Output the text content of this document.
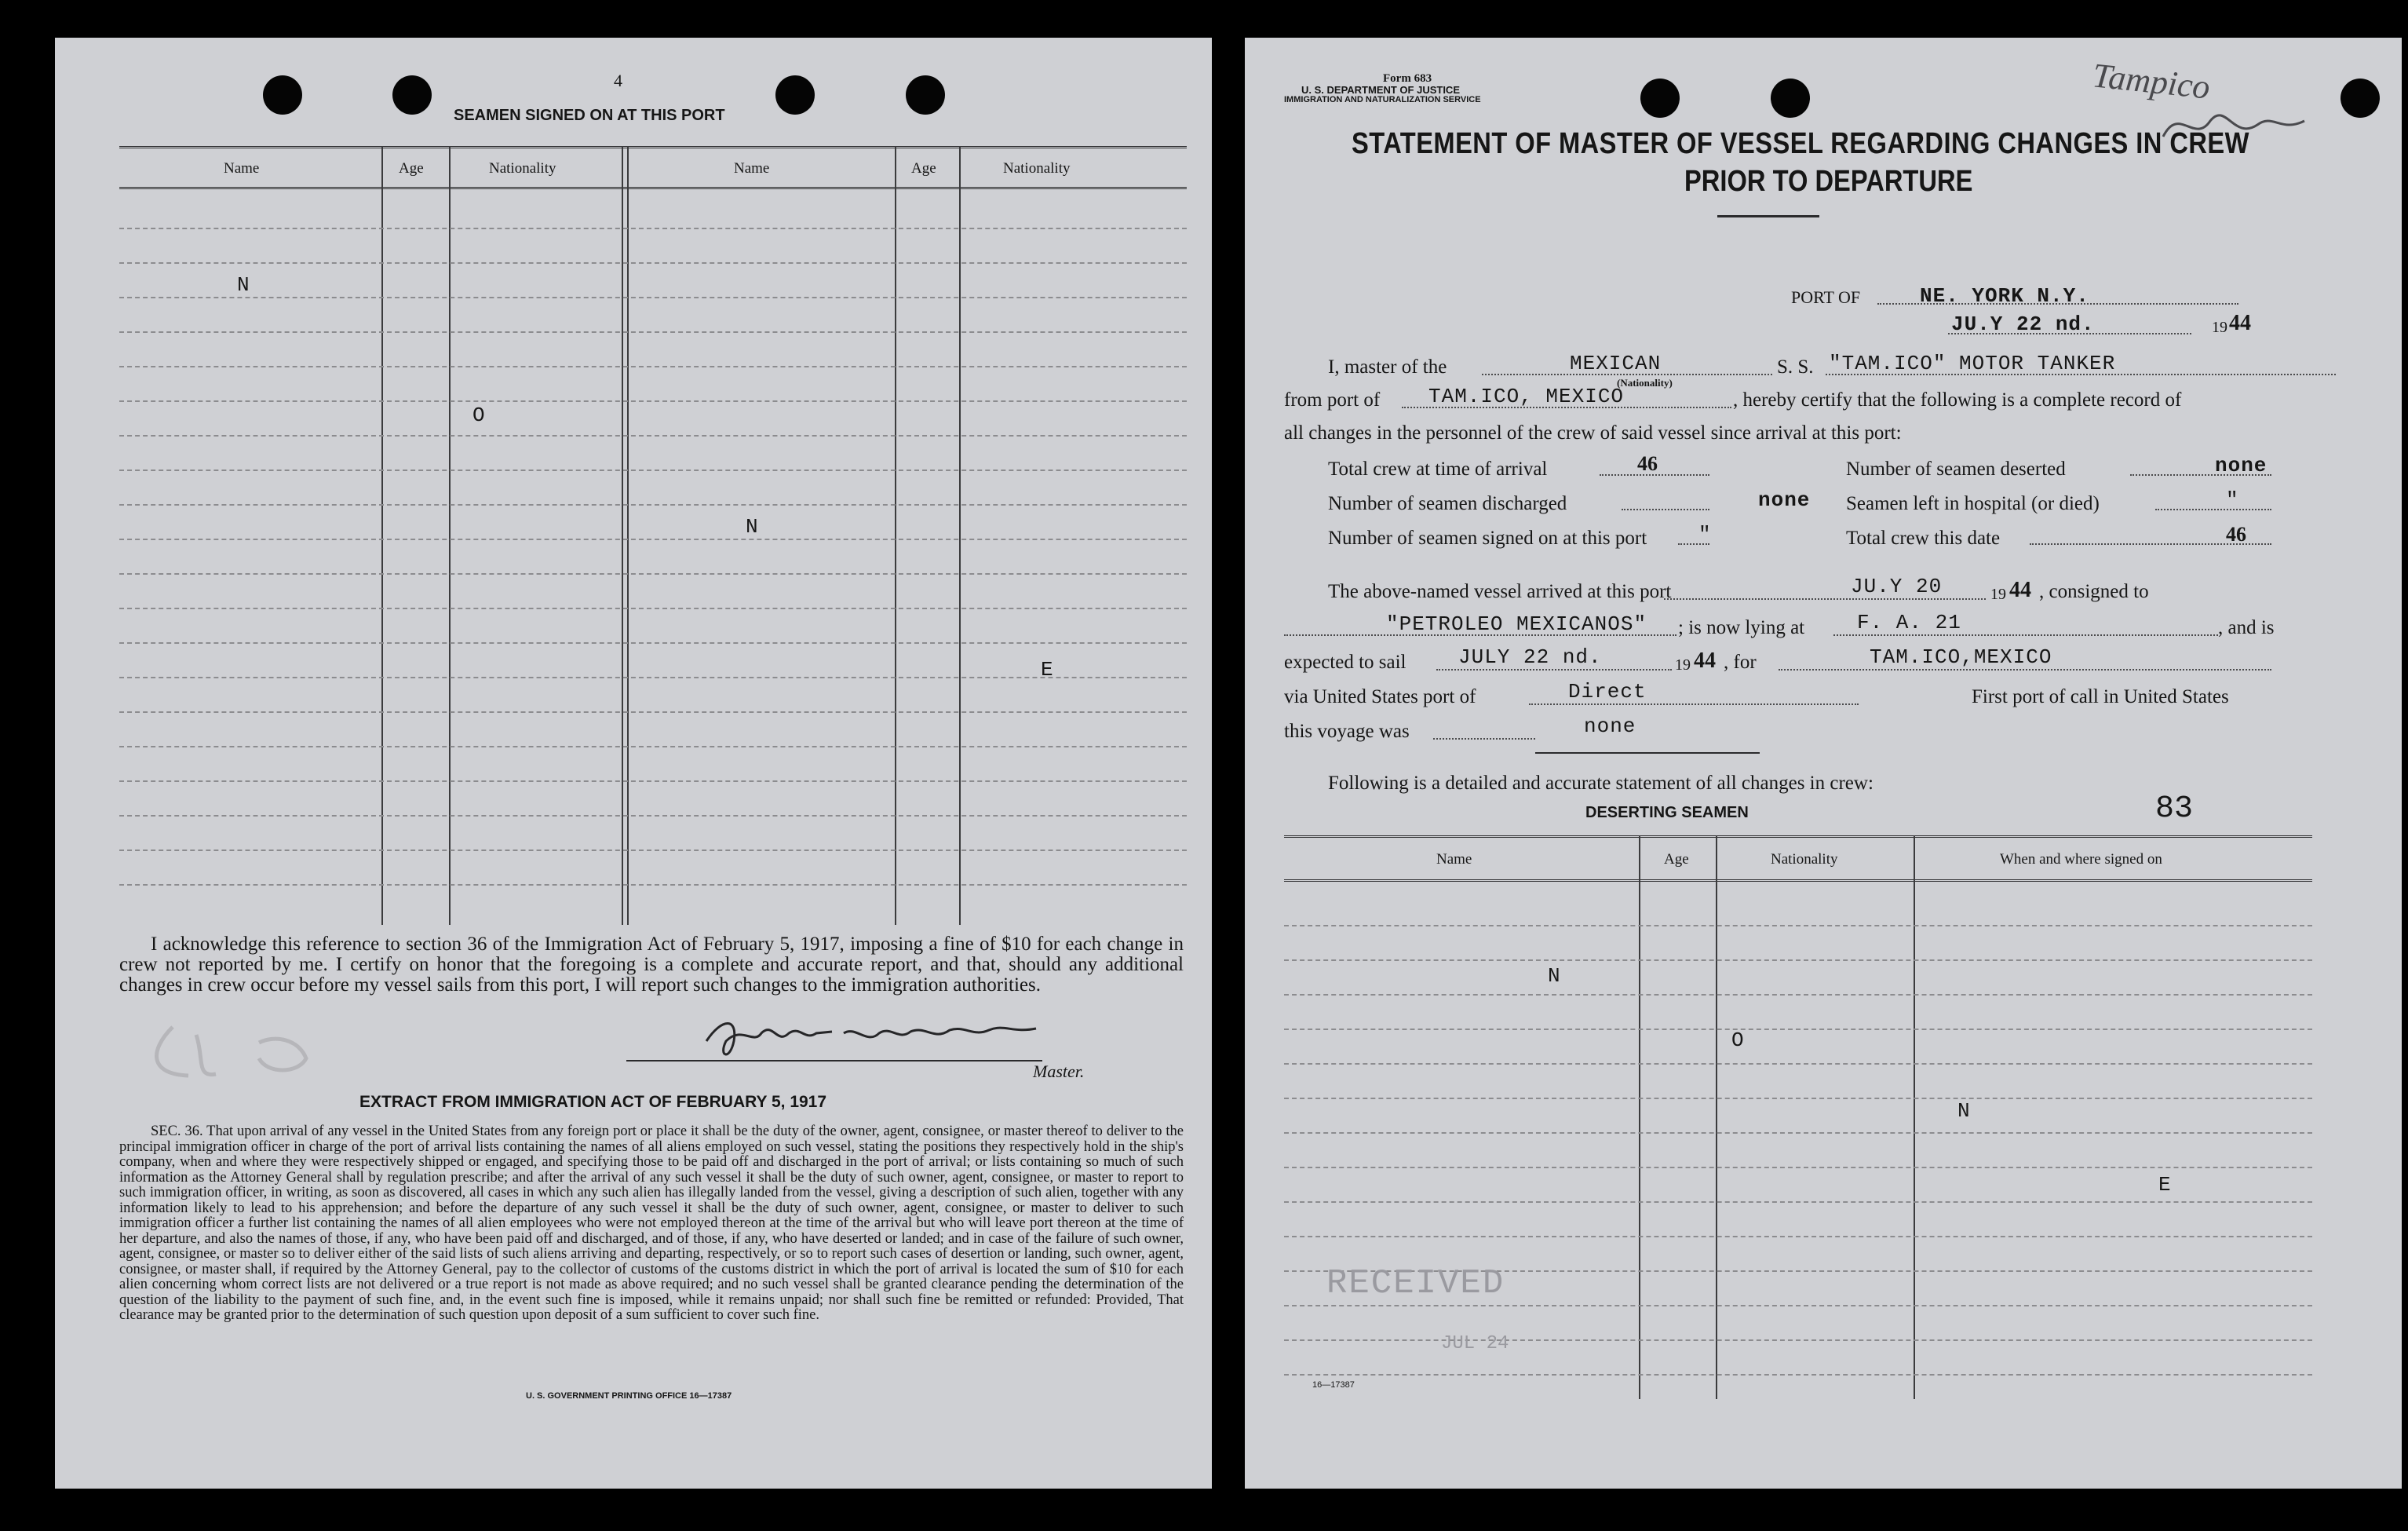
4
SEAMEN SIGNED ON AT THIS PORT
Name	Age	Nationality	Name	Age	Nationality
N
O
N
E
I acknowledge this reference to section 36 of the Immigration Act of February 5, 1917, imposing a fine of $10 for each change in crew not reported by me. I certify on honor that the foregoing is a complete and accurate report, and that, should any additional changes in crew occur before my vessel sails from this port, I will report such changes to the immigration authorities.
Master.
EXTRACT FROM IMMIGRATION ACT OF FEBRUARY 5, 1917
SEC. 36. That upon arrival of any vessel in the United States from any foreign port or place it shall be the duty of the owner, agent, consignee, or master thereof to deliver to the principal immigration officer in charge of the port of arrival lists containing the names of all aliens employed on such vessel, stating the positions they respectively hold in the ship's company, when and where they were respectively shipped or engaged, and specifying those to be paid off and discharged in the port of arrival; or lists containing so much of such information as the Attorney General shall by regulation prescribe; and after the arrival of any such vessel it shall be the duty of such owner, agent, consignee, or master to report to such immigration officer, in writing, as soon as discovered, all cases in which any such alien has illegally landed from the vessel, giving a description of such alien, together with any information likely to lead to his apprehension; and before the departure of any such vessel it shall be the duty of such owner, agent, consignee, or master to deliver to such immigration officer a further list containing the names of all alien employees who were not employed thereon at the time of the arrival but who will leave port thereon at the time of her departure, and also the names of those, if any, who have been paid off and discharged, and of those, if any, who have deserted or landed; and in case of the failure of such owner, agent, consignee, or master so to deliver either of the said lists of such aliens arriving and departing, respectively, or so to report such cases of desertion or landing, such owner, agent, consignee, or master shall, if required by the Attorney General, pay to the collector of customs of the customs district in which the port of arrival is located the sum of $10 for each alien concerning whom correct lists are not delivered or a true report is not made as above required; and no such vessel shall be granted clearance pending the determination of the question of the liability to the payment of such fine, and, in the event such fine is imposed, while it remains unpaid; nor shall such fine be remitted or refunded: Provided, That clearance may be granted prior to the determination of such question upon deposit of a sum sufficient to cover such fine.
U. S. GOVERNMENT PRINTING OFFICE 16—17387
Form 683
U. S. DEPARTMENT OF JUSTICE
IMMIGRATION AND NATURALIZATION SERVICE	Tampico
STATEMENT OF MASTER OF VESSEL REGARDING CHANGES IN CREW
PRIOR TO DEPARTURE
PORT OF	NE. YORK N.Y.
JU.Y 22 nd.	19 44
I, master of the	MEXICAN
(Nationality)
S. S. "TAM.ICO" MOTOR TANKER
from port of TAM.ICO, MEXICO	, hereby certify that the following is a complete record of
all changes in the personnel of the crew of said vessel since arrival at this port:
Total crew at time of arrival	46	Number of seamen deserted	none
Number of seamen discharged	none Seamen left in hospital (or died)	"
Number of seamen signed on at this port	"	Total crew this date	46
The above-named vessel arrived at this port	JU.Y 20	19 44 , consigned to
"PETROLEO MEXICANOS" ; is now lying at	F. A. 21	, and is
expected to sail	JULY 22 nd.	19 44 , for	TAM.ICO,MEXICO
via United States port of	Direct	First port of call in United States
this voyage was	none
Following is a detailed and accurate statement of all changes in crew:
DESERTING SEAMEN	83
Name	Age	Nationality	When and where signed on
N
O
N
E
RECEIVED
JUL 24
16—17387
